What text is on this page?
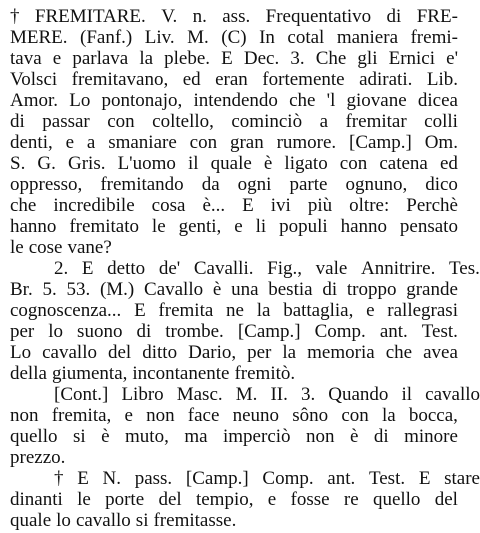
† FREMITARE. V. n. ass. Frequentativo di FRE-
MERE. (Fanf.) Liv. M. (C) In cotal maniera fremi-
tava e parlava la plebe. E Dec. 3. Che gli Ernici e'
Volsci fremitavano, ed eran fortemente adirati. Lib.
Amor. Lo pontonajo, intendendo che 'l giovane dicea
di passar con coltello, cominciò a fremitar colli
denti, e a smaniare con gran rumore. [Camp.] Om.
S. G. Gris. L'uomo il quale è ligato con catena ed
oppresso, fremitando da ogni parte ognuno, dico
che incredibile cosa è... E ivi più oltre: Perchè
hanno fremitato le genti, e li populi hanno pensato
le cose vane?
2. E detto de' Cavalli. Fig., vale Annitrire. Tes.
Br. 5. 53. (M.) Cavallo è una bestia di troppo grande
cognoscenza... E fremita ne la battaglia, e rallegrasi
per lo suono di trombe. [Camp.] Comp. ant. Test.
Lo cavallo del ditto Dario, per la memoria che avea
della giumenta, incontanente fremitò.
[Cont.] Libro Masc. M. II. 3. Quando il cavallo
non fremita, e non face neuno sôno con la bocca,
quello si è muto, ma imperciò non è di minore
prezzo.
† E N. pass. [Camp.] Comp. ant. Test. E stare
dinanti le porte del tempio, e fosse re quello del
quale lo cavallo si fremitasse.
